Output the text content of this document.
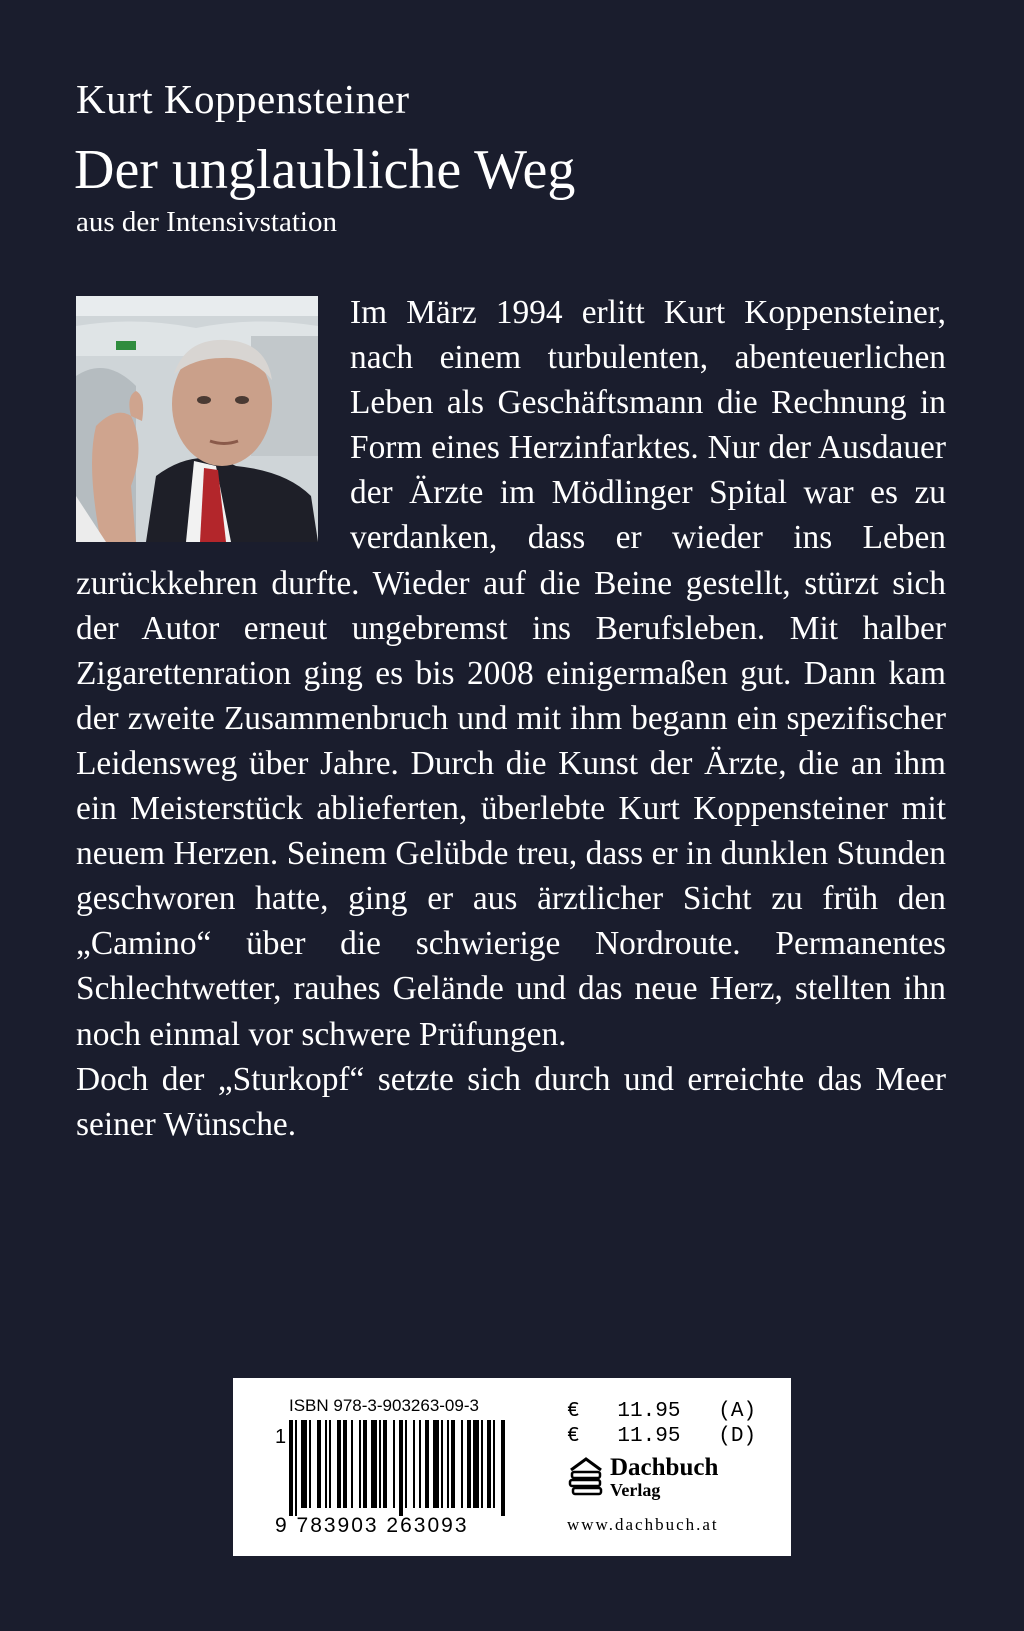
Kurt Koppensteiner
Der unglaubliche Weg
aus der Intensivstation

Im März 1994 erlitt Kurt Koppensteiner, nach einem turbulenten, abenteuerlichen Leben als Geschäftsmann die Rechnung in Form eines Herzinfarktes. Nur der Ausdauer der Ärzte im Mödlinger Spital war es zu verdanken, dass er wieder ins Leben zurückkehren durfte. Wieder auf die Beine gestellt, stürzt sich der Autor erneut ungebremst ins Berufsleben. Mit halber Zigarettenration ging es bis 2008 einigermaßen gut. Dann kam der zweite Zusammenbruch und mit ihm begann ein spezifischer Leidensweg über Jahre. Durch die Kunst der Ärzte, die an ihm ein Meisterstück ablieferten, überlebte Kurt Koppensteiner mit neuem Herzen. Seinem Gelübde treu, dass er in dunklen Stunden geschworen hatte, ging er aus ärztlicher Sicht zu früh den „Camino“ über die schwierige Nordroute. Permanentes Schlechtwetter, rauhes Gelände und das neue Herz, stellten ihn noch einmal vor schwere Prüfungen.

Doch der „Sturkopf“ setzte sich durch und erreichte das Meer seiner Wünsche.

ISBN 978-3-903263-09-3
1
9 783903 263093
€ 11.95 (A)
€ 11.95 (D)
Dachbuch
Verlag
www.dachbuch.at
